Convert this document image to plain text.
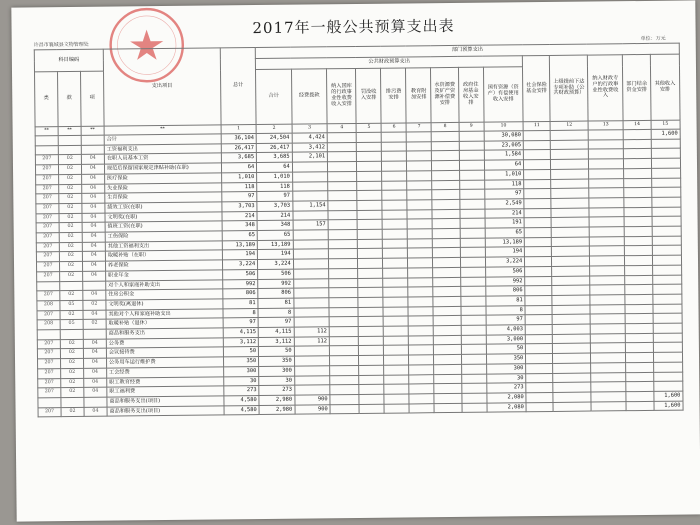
2017年一般公共预算支出表
许昌市襄城县文物管理处
单位：万元
科目编码			支出项目	总计	部门预算支出													
					公共财政预算支出									社会保险基金安排	上级提前下达专项补助（公共财政预算）	纳入财政专户的行政事业性收费收入	部门结余资金安排	其他收入安排
类	款	项			合计	经费拨款	纳入国库的行政事业性收费收入安排	罚没收入安排	排污费安排	教育附加安排	水资源费及矿产资源补偿费安排	政府住房基金收入安排	国有资源（资产）有偿使用收入安排					
**	**	**	**	1	2	3	4	5	6	7	8	9	10	11	12	13	14	15
			合计	36,104	24,504	4,424							30,080					1,600
			工资福利支出	26,417	26,417	3,412							23,005					
207	02	04	在职人员基本工资	3,685	3,685	2,101							1,584					
207	02	04	规范后保留国家规定津贴补助(在职)	64	64								64					
207	02	04	医疗保险	1,010	1,010								1,010					
207	02	04	失业保险	118	118								118					
207	02	04	生育保险	97	97								97					
207	02	04	绩效工资(在职)	3,703	3,703	1,154							2,549					
207	02	04	文明奖(在职)	214	214								214					
207	02	04	值班工资(在职)	348	348	157							191					
207	02	04	工伤保险	65	65								65					
207	02	04	其他工资福利支出	13,189	13,189								13,189					
207	02	04	取暖补贴（在职）	194	194								194					
207	02	04	养老保险	3,224	3,224								3,224					
207	02	04	职业年金	506	506								506					
			对个人和家庭补助支出	992	992								992					
207	02	04	住房公积金	806	806								806					
208	05	02	文明奖(离退休)	81	81								81					
207	02	04	其他对个人和家庭补助支出	8	8								8					
208	05	02	取暖补贴（退休）	97	97								97					
			商品和服务支出	4,115	4,115	112							4,003					
207	02	04	公务费	3,112	3,112	112							3,000					
207	02	04	会议接待费	50	50								50					
207	02	04	公务用车运行维护费	350	350								350					
207	02	04	工会经费	300	300								300					
207	02	04	职工教育经费	30	30								30					
207	02	04	职工福利费	273	273								273					
			商品和服务支出(项目)	4,580	2,980	900							2,080					1,600
207	02	04	商品和服务支出(项目)	4,580	2,980	900							2,080					1,600
